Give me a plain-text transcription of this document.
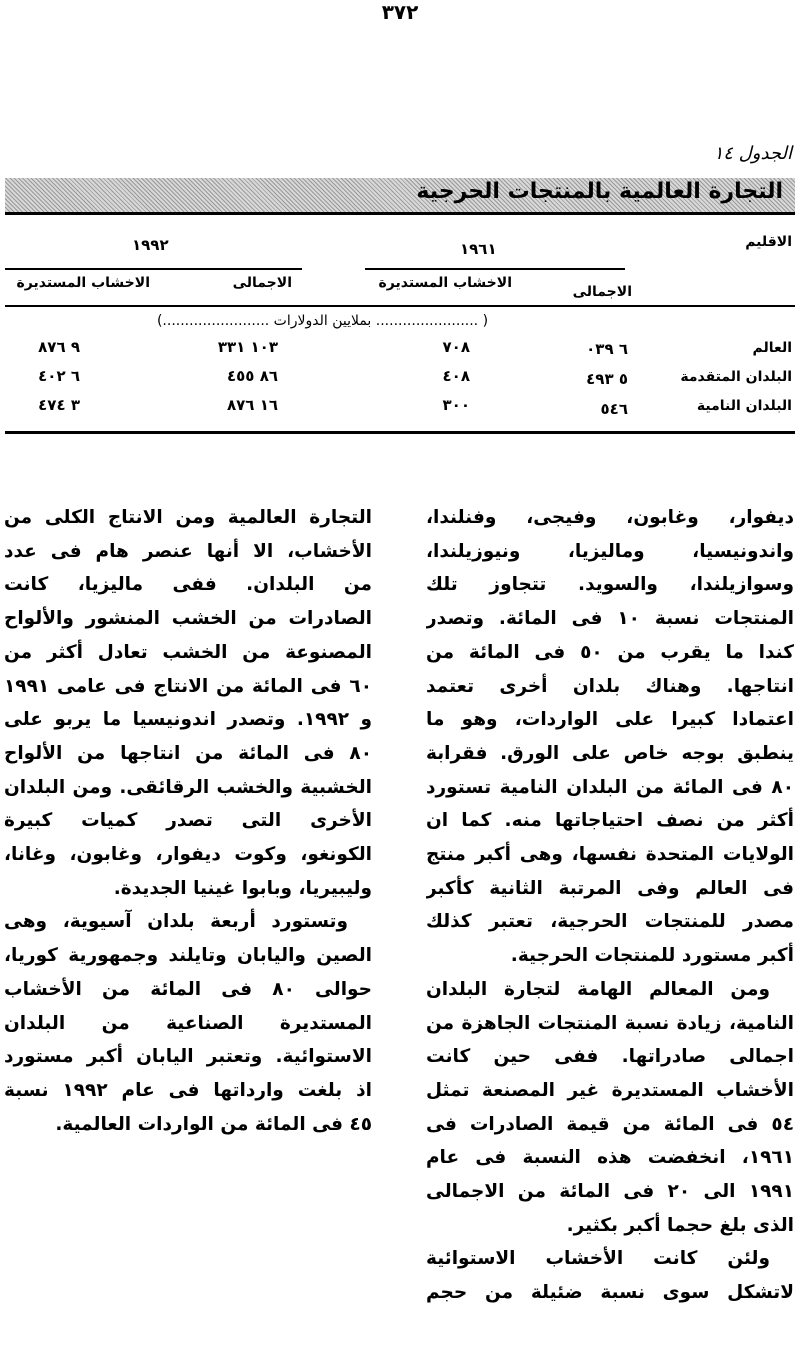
٣٧٢
الجدول ١٤
التجارة العالمية بالمنتجات الحرجية
الاقليم
١٩٦١
١٩٩٢
الاجمالى
الاخشاب المستديرة
الاجمالى
الاخشاب المستديرة
( ....................... بملايين الدولارات ........................)
العالم
٦ ٠٣٩
٧٠٨
١٠٣ ٣٣١
٩ ٨٧٦
البلدان المتقدمة
٥ ٤٩٣
٤٠٨
٨٦ ٤٥٥
٦ ٤٠٢
البلدان النامية
٥٤٦
٣٠٠
١٦ ٨٧٦
٣ ٤٧٤
ديفوار، وغابون، وفيجى، وفنلندا،
واندونيسيا، وماليزيا، ونيوزيلندا،
وسوازيلندا، والسويد. تتجاوز تلك
المنتجات نسبة ١٠ فى المائة. وتصدر
كندا ما يقرب من ٥٠ فى المائة من
انتاجها. وهناك بلدان أخرى تعتمد
اعتمادا كبيرا على الواردات، وهو ما
ينطبق بوجه خاص على الورق. فقرابة
٨٠ فى المائة من البلدان النامية تستورد
أكثر من نصف احتياجاتها منه. كما ان
الولايات المتحدة نفسها، وهى أكبر منتج
فى العالم وفى المرتبة الثانية كأكبر
مصدر للمنتجات الحرجية، تعتبر كذلك
أكبر مستورد للمنتجات الحرجية.
ومن المعالم الهامة لتجارة البلدان
النامية، زيادة نسبة المنتجات الجاهزة من
اجمالى صادراتها. ففى حين كانت
الأخشاب المستديرة غير المصنعة تمثل
٥٤ فى المائة من قيمة الصادرات فى
١٩٦١، انخفضت هذه النسبة فى عام
١٩٩١ الى ٢٠ فى المائة من الاجمالى
الذى بلغ حجما أكبر بكثير.
ولئن كانت الأخشاب الاستوائية
لاتشكل سوى نسبة ضئيلة من حجم
التجارة العالمية ومن الانتاج الكلى من
الأخشاب، الا أنها عنصر هام فى عدد
من البلدان. ففى ماليزيا، كانت
الصادرات من الخشب المنشور والألواح
المصنوعة من الخشب تعادل أكثر من
٦٠ فى المائة من الانتاج فى عامى ١٩٩١
و ١٩٩٢. وتصدر اندونيسيا ما يربو على
٨٠ فى المائة من انتاجها من الألواح
الخشبية والخشب الرقائقى. ومن البلدان
الأخرى التى تصدر كميات كبيرة
الكونغو، وكوت ديفوار، وغابون، وغانا،
وليبيريا، وبابوا غينيا الجديدة.
وتستورد أربعة بلدان آسيوية، وهى
الصين واليابان وتايلند وجمهورية كوريا،
حوالى ٨٠ فى المائة من الأخشاب
المستديرة الصناعية من البلدان
الاستوائية. وتعتبر اليابان أكبر مستورد
اذ بلغت وارداتها فى عام ١٩٩٢ نسبة
٤٥ فى المائة من الواردات العالمية.
